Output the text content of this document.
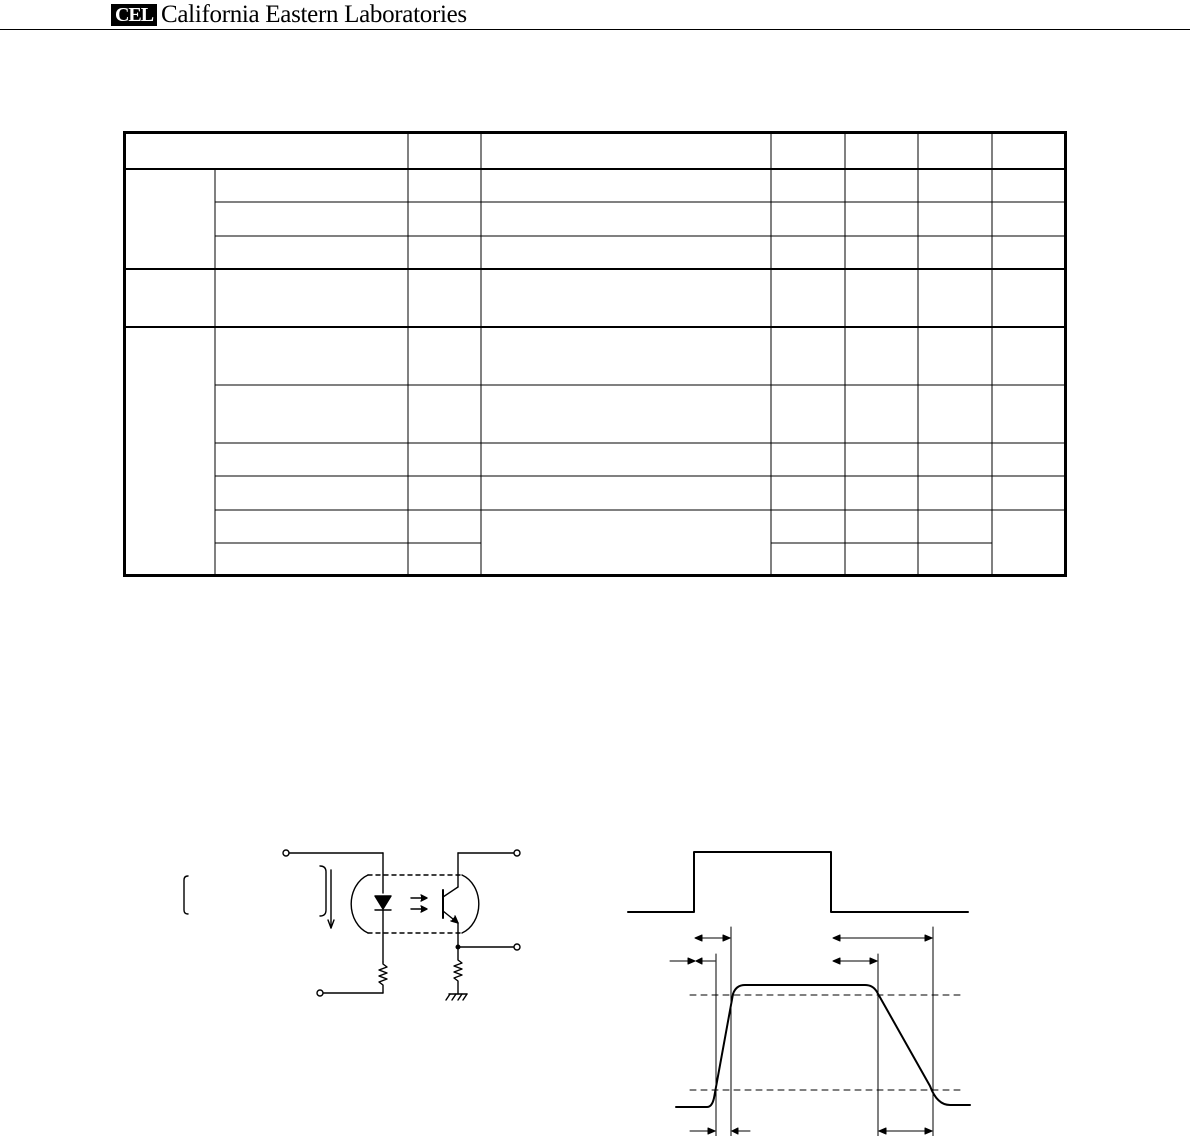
CEL California Eastern Laboratories
